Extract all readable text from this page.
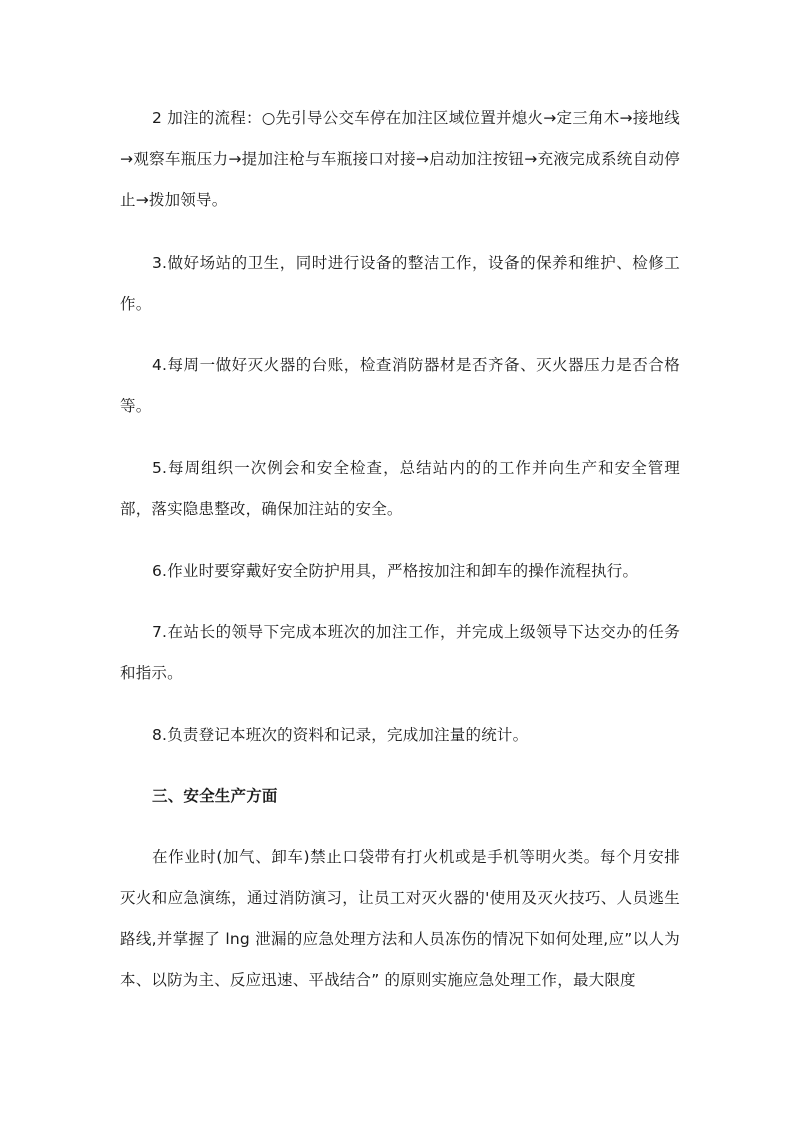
2 加注的流程：○先引导公交车停在加注区域位置并熄火→定三角木→接地线→观察车瓶压力→提加注枪与车瓶接口对接→启动加注按钮→充液完成系统自动停止→拨加领导。

3.做好场站的卫生，同时进行设备的整洁工作，设备的保养和维护、检修工作。

4.每周一做好灭火器的台账，检查消防器材是否齐备、灭火器压力是否合格等。

5.每周组织一次例会和安全检查，总结站内的的工作并向生产和安全管理部，落实隐患整改，确保加注站的安全。

6.作业时要穿戴好安全防护用具，严格按加注和卸车的操作流程执行。

7.在站长的领导下完成本班次的加注工作，并完成上级领导下达交办的任务和指示。

8.负责登记本班次的资料和记录，完成加注量的统计。

三、安全生产方面

在作业时(加气、卸车)禁止口袋带有打火机或是手机等明火类。每个月安排灭火和应急演练，通过消防演习，让员工对灭火器的'使用及灭火技巧、人员逃生路线,并掌握了 lng 泄漏的应急处理方法和人员冻伤的情况下如何处理,应”以人为本、以防为主、反应迅速、平战结合” 的原则实施应急处理工作，最大限度
